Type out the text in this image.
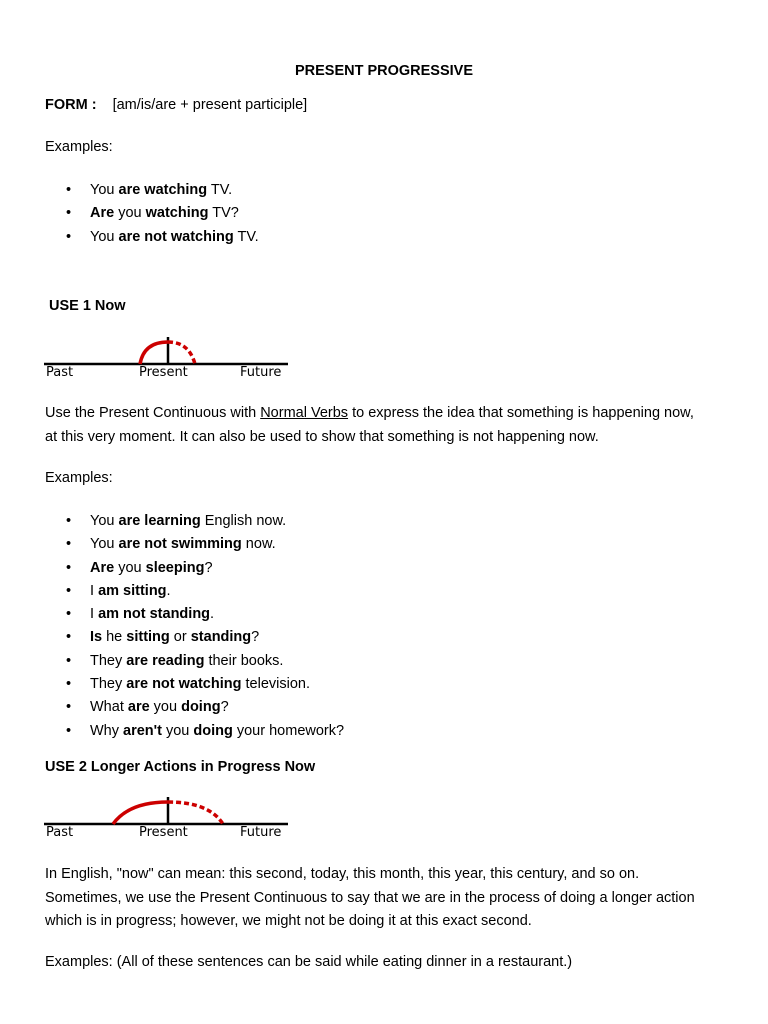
PRESENT PROGRESSIVE
FORM : [am/is/are + present participle]
Examples:
• You are watching TV.
• Are you watching TV?
• You are not watching TV.
USE 1 Now
Past	Present	Future
Use the Present Continuous with Normal Verbs to express the idea that something is happening now,
at this very moment. It can also be used to show that something is not happening now.
Examples:
• You are learning English now.
• You are not swimming now.
• Are you sleeping?
• I am sitting.
• I am not standing.
• Is he sitting or standing?
• They are reading their books.
• They are not watching television.
• What are you doing?
• Why aren't you doing your homework?
USE 2 Longer Actions in Progress Now
Past	Present	Future
In English, "now" can mean: this second, today, this month, this year, this century, and so on.
Sometimes, we use the Present Continuous to say that we are in the process of doing a longer action
which is in progress; however, we might not be doing it at this exact second.
Examples: (All of these sentences can be said while eating dinner in a restaurant.)
